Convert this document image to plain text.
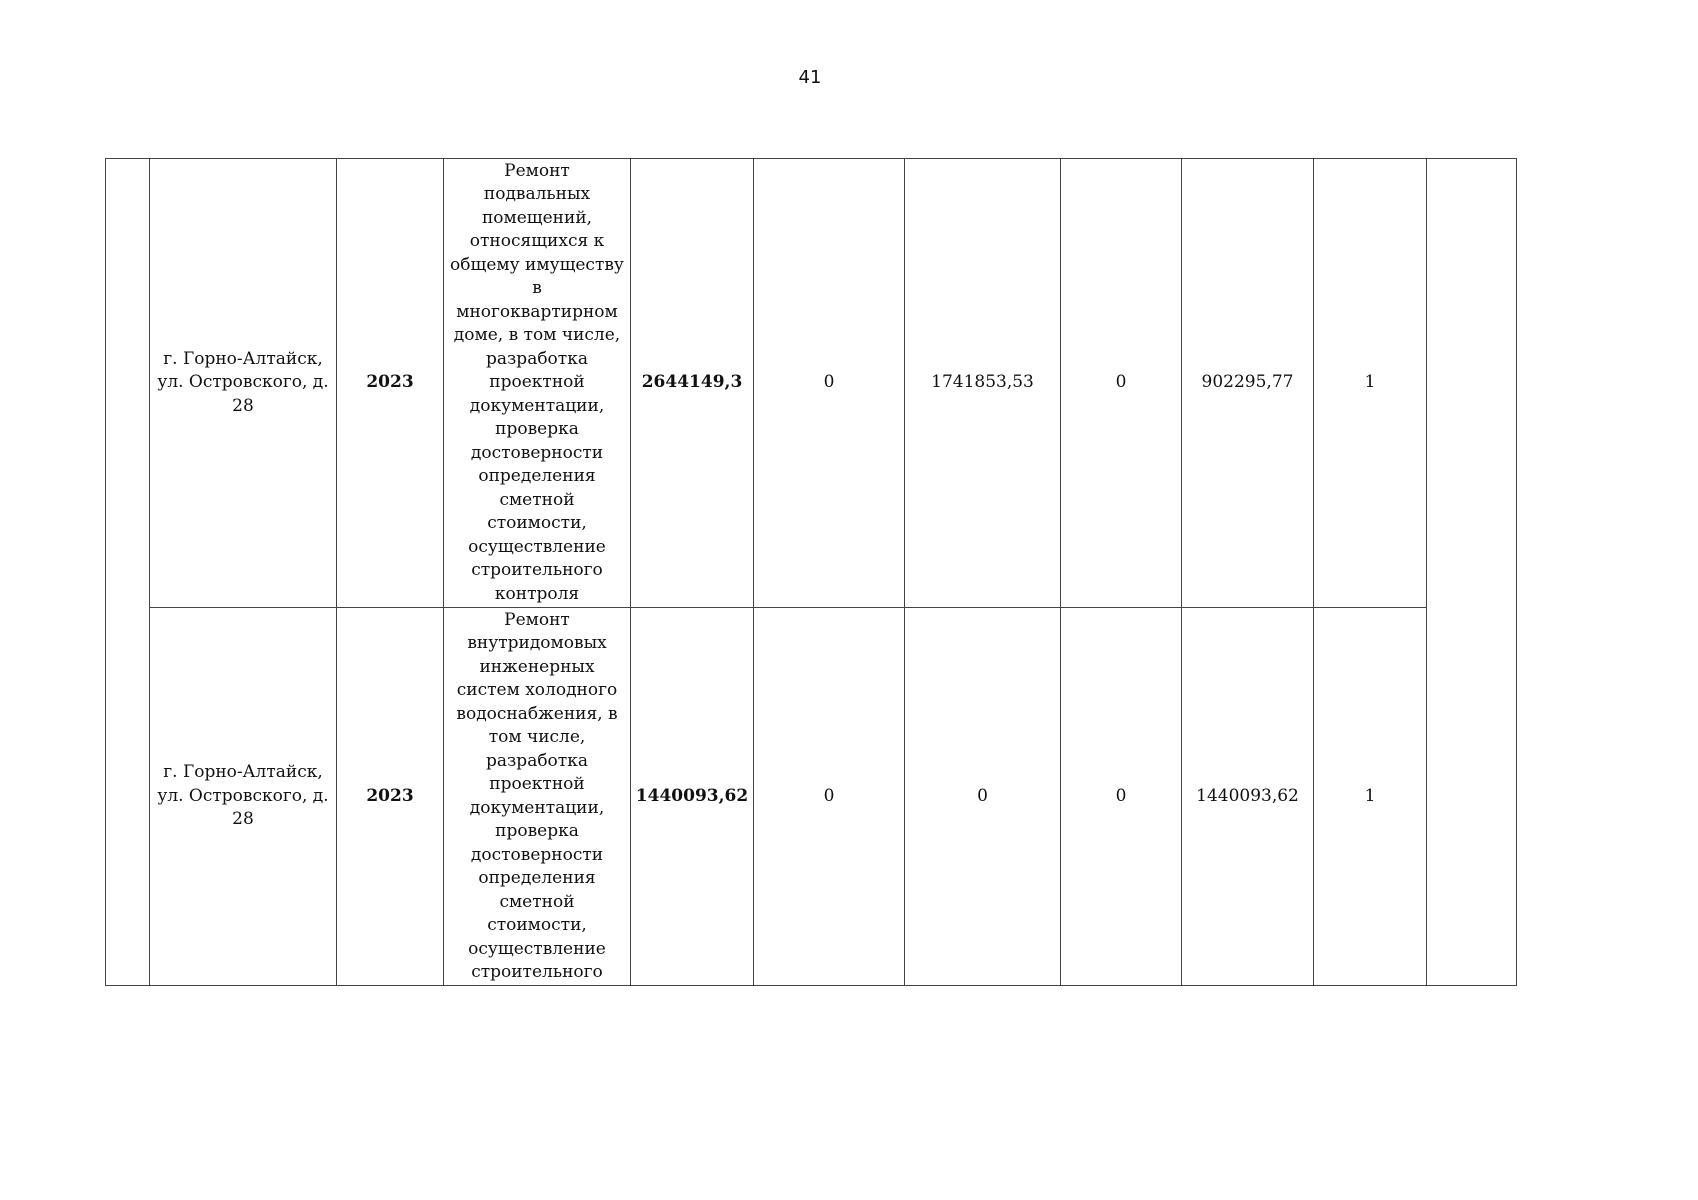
41
	г. Горно-Алтайск, ул. Островского, д. 28	2023	Ремонт подвальных помещений, относящихся к общему имуществу в многоквартирном доме, в том числе, разработка проектной документации, проверка достоверности определения сметной стоимости, осуществление строительного контроля	2644149,3	0	1741853,53	0	902295,77	1	
	г. Горно-Алтайск, ул. Островского, д. 28	2023	Ремонт внутридомовых инженерных систем холодного водоснабжения, в том числе, разработка проектной документации, проверка достоверности определения сметной стоимости, осуществление строительного	1440093,62	0	0	0	1440093,62	1	
